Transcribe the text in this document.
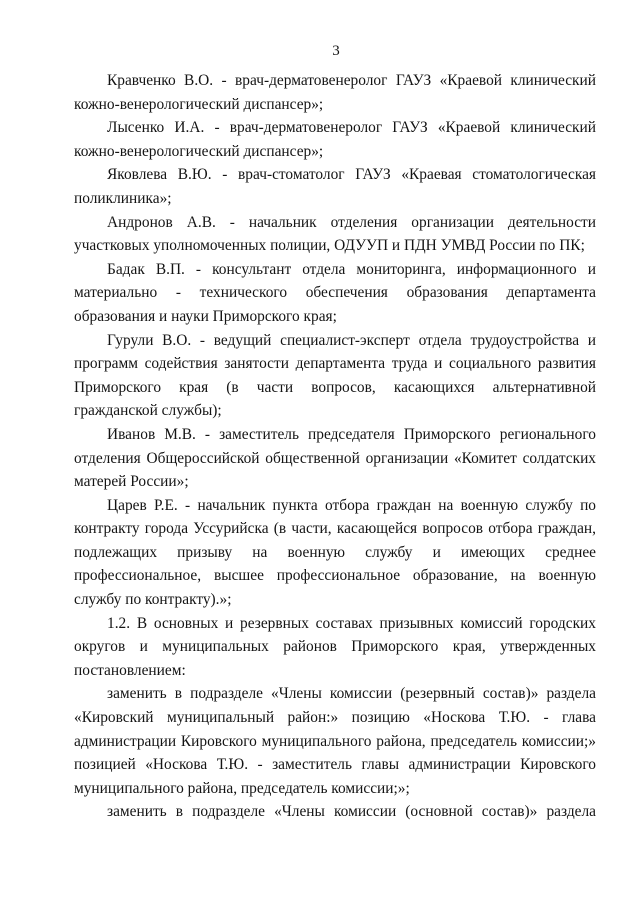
3

Кравченко В.О. - врач-дерматовенеролог ГАУЗ «Краевой клинический кожно-венерологический диспансер»;

Лысенко И.А. - врач-дерматовенеролог ГАУЗ «Краевой клинический кожно-венерологический диспансер»;

Яковлева В.Ю. - врач-стоматолог ГАУЗ «Краевая стоматологическая поликлиника»;

Андронов А.В. - начальник отделения организации деятельности участковых уполномоченных полиции, ОДУУП и ПДН УМВД России по ПК;

Бадак В.П. - консультант отдела мониторинга, информационного и материально - технического обеспечения образования департамента образования и науки Приморского края;

Гурули В.О. - ведущий специалист-эксперт отдела трудоустройства и программ содействия занятости департамента труда и социального развития Приморского края (в части вопросов, касающихся альтернативной гражданской службы);

Иванов М.В. - заместитель председателя Приморского регионального отделения Общероссийской общественной организации «Комитет солдатских матерей России»;

Царев Р.Е. - начальник пункта отбора граждан на военную службу по контракту города Уссурийска (в части, касающейся вопросов отбора граждан, подлежащих призыву на военную службу и имеющих среднее профессиональное, высшее профессиональное образование, на военную службу по контракту).»;

1.2. В основных и резервных составах призывных комиссий городских округов и муниципальных районов Приморского края, утвержденных постановлением:

заменить в подразделе «Члены комиссии (резервный состав)» раздела «Кировский муниципальный район:» позицию «Носкова Т.Ю. - глава администрации Кировского муниципального района, председатель комиссии;» позицией «Носкова Т.Ю. - заместитель главы администрации Кировского муниципального района, председатель комиссии;»;

заменить в подразделе «Члены комиссии (основной состав)» раздела
